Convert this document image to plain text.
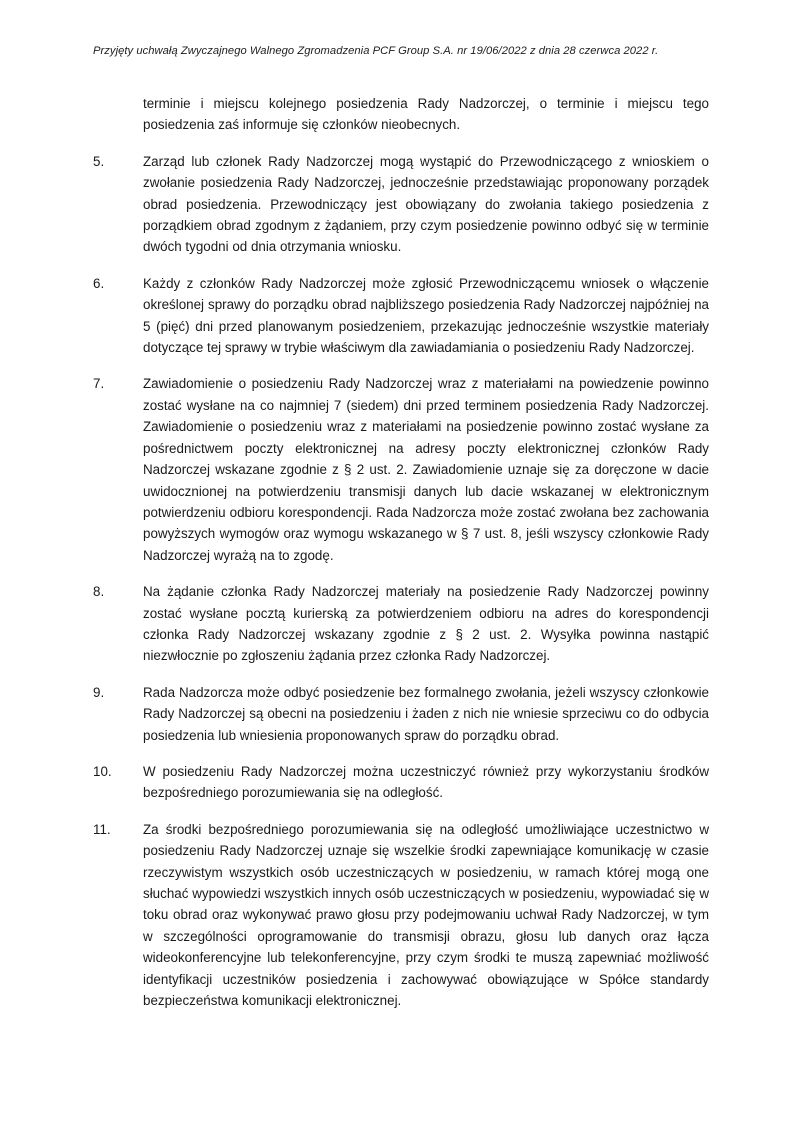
Przyjęty uchwałą Zwyczajnego Walnego Zgromadzenia PCF Group S.A. nr 19/06/2022 z dnia 28 czerwca 2022 r.
terminie i miejscu kolejnego posiedzenia Rady Nadzorczej, o terminie i miejscu tego posiedzenia zaś informuje się członków nieobecnych.
5.	Zarząd lub członek Rady Nadzorczej mogą wystąpić do Przewodniczącego z wnioskiem o zwołanie posiedzenia Rady Nadzorczej, jednocześnie przedstawiając proponowany porządek obrad posiedzenia. Przewodniczący jest obowiązany do zwołania takiego posiedzenia z porządkiem obrad zgodnym z żądaniem, przy czym posiedzenie powinno odbyć się w terminie dwóch tygodni od dnia otrzymania wniosku.
6.	Każdy z członków Rady Nadzorczej może zgłosić Przewodniczącemu wniosek o włączenie określonej sprawy do porządku obrad najbliższego posiedzenia Rady Nadzorczej najpóźniej na 5 (pięć) dni przed planowanym posiedzeniem, przekazując jednocześnie wszystkie materiały dotyczące tej sprawy w trybie właściwym dla zawiadamiania o posiedzeniu Rady Nadzorczej.
7.	Zawiadomienie o posiedzeniu Rady Nadzorczej wraz z materiałami na powiedzenie powinno zostać wysłane na co najmniej 7 (siedem) dni przed terminem posiedzenia Rady Nadzorczej. Zawiadomienie o posiedzeniu wraz z materiałami na posiedzenie powinno zostać wysłane za pośrednictwem poczty elektronicznej na adresy poczty elektronicznej członków Rady Nadzorczej wskazane zgodnie z § 2 ust. 2. Zawiadomienie uznaje się za doręczone w dacie uwidocznionej na potwierdzeniu transmisji danych lub dacie wskazanej w elektronicznym potwierdzeniu odbioru korespondencji. Rada Nadzorcza może zostać zwołana bez zachowania powyższych wymogów oraz wymogu wskazanego w § 7 ust. 8, jeśli wszyscy członkowie Rady Nadzorczej wyrażą na to zgodę.
8.	Na żądanie członka Rady Nadzorczej materiały na posiedzenie Rady Nadzorczej powinny zostać wysłane pocztą kurierską za potwierdzeniem odbioru na adres do korespondencji członka Rady Nadzorczej wskazany zgodnie z § 2 ust. 2. Wysyłka powinna nastąpić niezwłocznie po zgłoszeniu żądania przez członka Rady Nadzorczej.
9.	Rada Nadzorcza może odbyć posiedzenie bez formalnego zwołania, jeżeli wszyscy członkowie Rady Nadzorczej są obecni na posiedzeniu i żaden z nich nie wniesie sprzeciwu co do odbycia posiedzenia lub wniesienia proponowanych spraw do porządku obrad.
10.	W posiedzeniu Rady Nadzorczej można uczestniczyć również przy wykorzystaniu środków bezpośredniego porozumiewania się na odległość.
11.	Za środki bezpośredniego porozumiewania się na odległość umożliwiające uczestnictwo w posiedzeniu Rady Nadzorczej uznaje się wszelkie środki zapewniające komunikację w czasie rzeczywistym wszystkich osób uczestniczących w posiedzeniu, w ramach której mogą one słuchać wypowiedzi wszystkich innych osób uczestniczących w posiedzeniu, wypowiadać się w toku obrad oraz wykonywać prawo głosu przy podejmowaniu uchwał Rady Nadzorczej, w tym w szczególności oprogramowanie do transmisji obrazu, głosu lub danych oraz łącza wideokonferencyjne lub telekonferencyjne, przy czym środki te muszą zapewniać możliwość identyfikacji uczestników posiedzenia i zachowywać obowiązujące w Spółce standardy bezpieczeństwa komunikacji elektronicznej.
